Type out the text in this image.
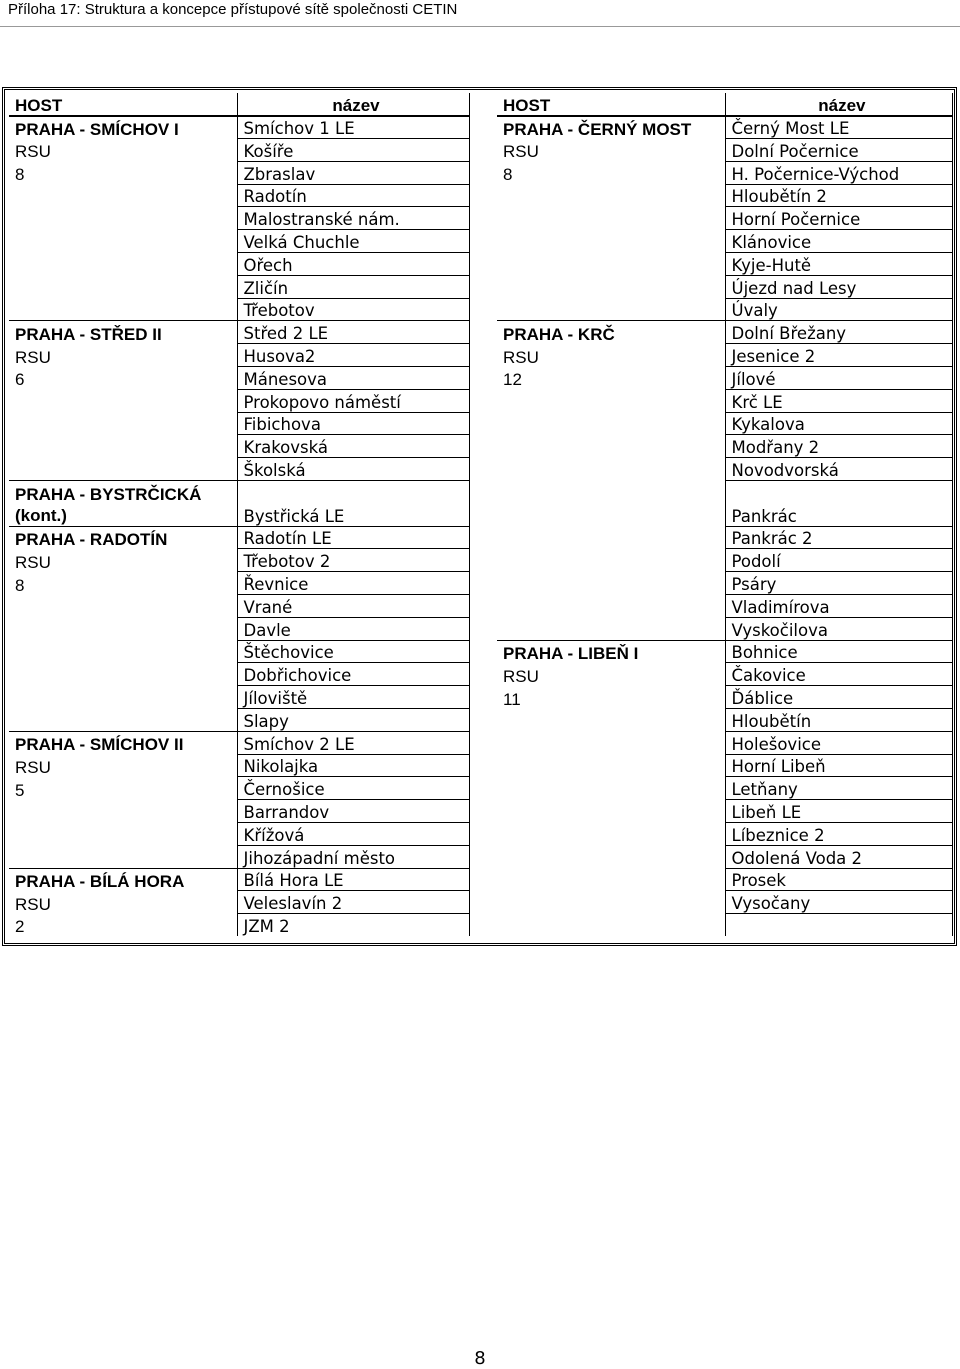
Příloha 17: Struktura a koncepce přístupové sítě společnosti CETIN
HOST	název
PRAHA - SMÍCHOV I	Smíchov 1 LE
RSU	Košíře
8	Zbraslav
	Radotín
	Malostranské nám.
	Velká Chuchle
	Ořech
	Zličín
	Třebotov
PRAHA - STŘED II	Střed 2 LE
RSU	Husova2
6	Mánesova
	Prokopovo náměstí
	Fibichova
	Krakovská
	Školská
PRAHA - BYSTRČICKÁ (kont.)	Bystřická LE
PRAHA - RADOTÍN	Radotín LE
RSU	Třebotov 2
8	Řevnice
	Vrané
	Davle
	Štěchovice
	Dobřichovice
	Jíloviště
	Slapy
PRAHA - SMÍCHOV II	Smíchov 2 LE
RSU	Nikolajka
5	Černošice
	Barrandov
	Křížová
	Jihozápadní město
PRAHA - BÍLÁ HORA	Bílá Hora LE
RSU	Veleslavín 2
2	JZM 2
HOST	název
PRAHA - ČERNÝ MOST	Černý Most LE
RSU	Dolní Počernice
8	H. Počernice-Východ
	Hloubětín 2
	Horní Počernice
	Klánovice
	Kyje-Hutě
	Újezd nad Lesy
	Úvaly
PRAHA - KRČ	Dolní Břežany
RSU	Jesenice 2
12	Jílové
	Krč LE
	Kykalova
	Modřany 2
	Novodvorská
	Pankrác
	Pankrác 2
	Podolí
	Psáry
	Vladimírova
	Vyskočilova
PRAHA - LIBEŇ I	Bohnice
RSU	Čakovice
11	Ďáblice
	Hloubětín
	Holešovice
	Horní Libeň
	Letňany
	Libeň LE
	Líbeznice 2
	Odolená Voda 2
	Prosek
	Vysočany

8
